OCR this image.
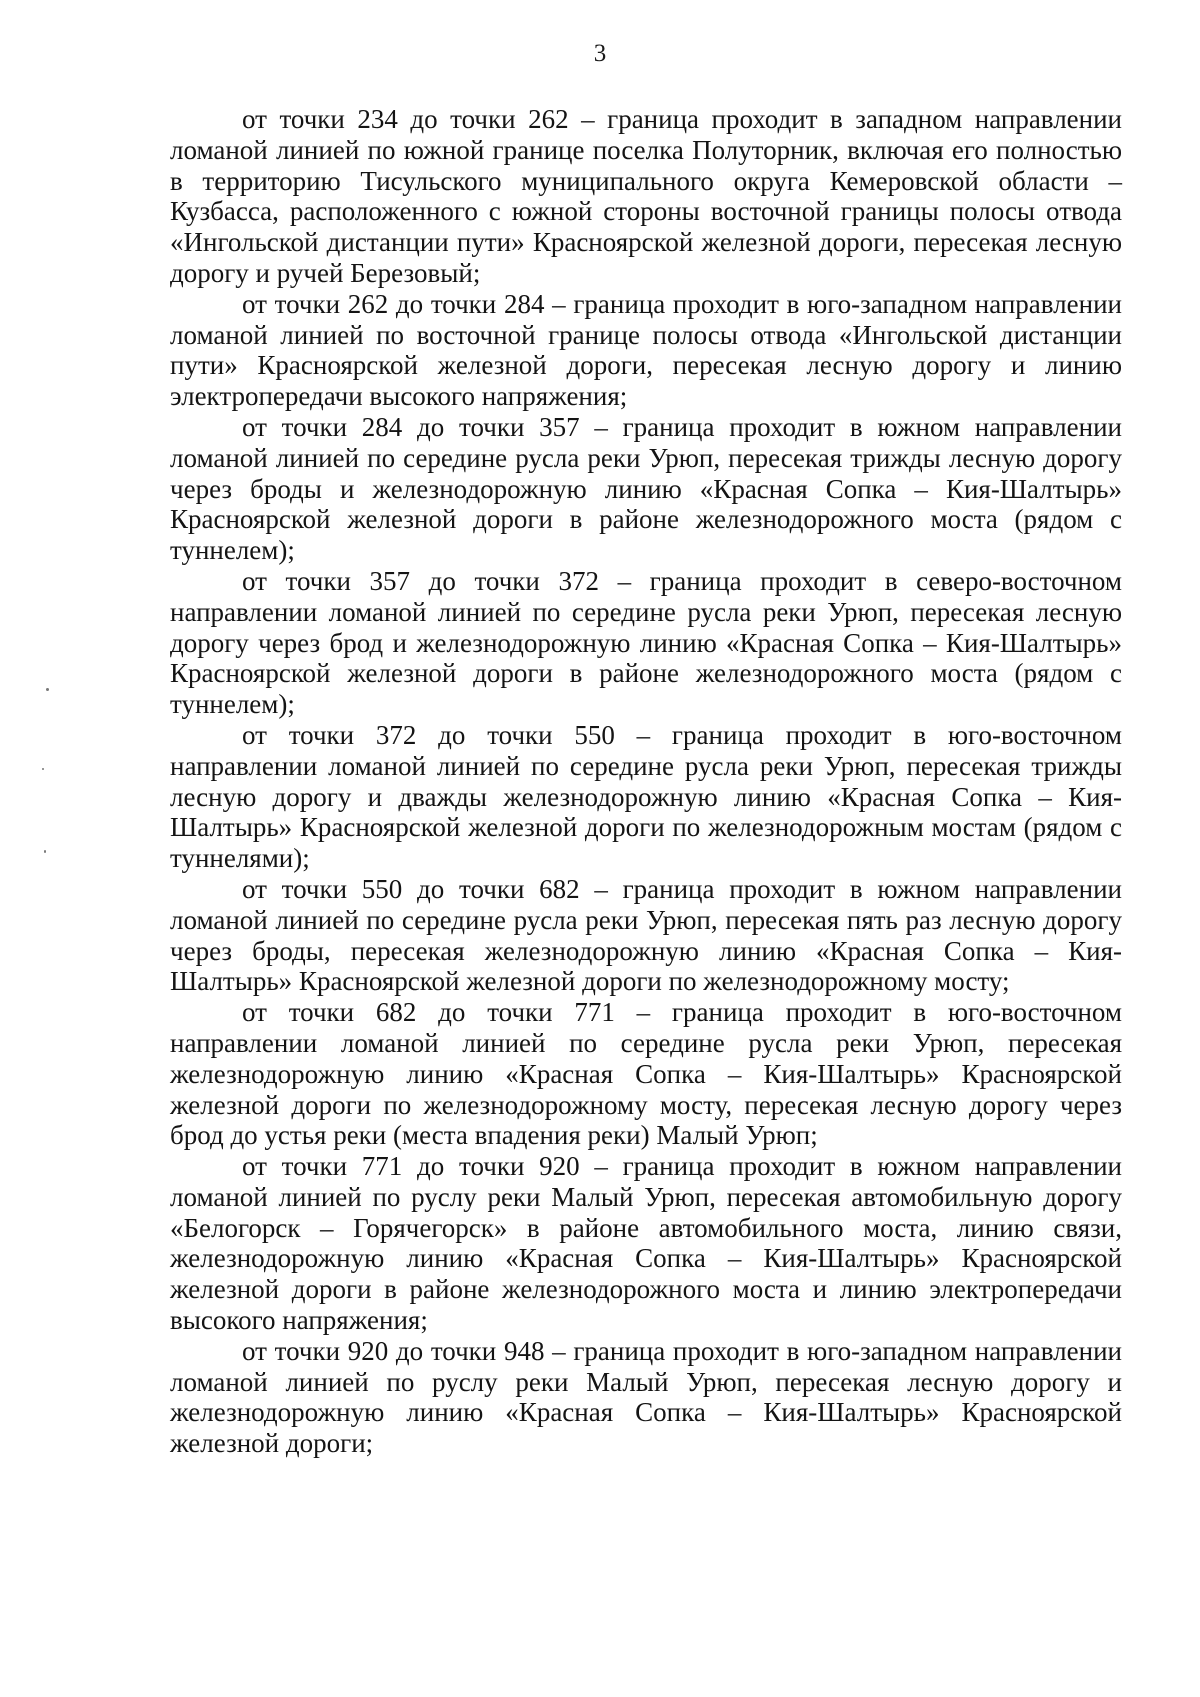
3

от точки 234 до точки 262 – граница проходит в западном направлении ломаной линией по южной границе поселка Полуторник, включая его полностью в территорию Тисульского муниципального округа Кемеровской области – Кузбасса, расположенного с южной стороны восточной границы полосы отвода «Ингольской дистанции пути» Красноярской железной дороги, пересекая лесную дорогу и ручей Березовый;

от точки 262 до точки 284 – граница проходит в юго-западном направлении ломаной линией по восточной границе полосы отвода «Ингольской дистанции пути» Красноярской железной дороги, пересекая лесную дорогу и линию электропередачи высокого напряжения;

от точки 284 до точки 357 – граница проходит в южном направлении ломаной линией по середине русла реки Урюп, пересекая трижды лесную дорогу через броды и железнодорожную линию «Красная Сопка – Кия-Шалтырь» Красноярской железной дороги в районе железнодорожного моста (рядом с туннелем);

от точки 357 до точки 372 – граница проходит в северо-восточном направлении ломаной линией по середине русла реки Урюп, пересекая лесную дорогу через брод и железнодорожную линию «Красная Сопка – Кия-Шалтырь» Красноярской железной дороги в районе железнодорожного моста (рядом с туннелем);

от точки 372 до точки 550 – граница проходит в юго-восточном направлении ломаной линией по середине русла реки Урюп, пересекая трижды лесную дорогу и дважды железнодорожную линию «Красная Сопка – Кия-Шалтырь» Красноярской железной дороги по железнодорожным мостам (рядом с туннелями);

от точки 550 до точки 682 – граница проходит в южном направлении ломаной линией по середине русла реки Урюп, пересекая пять раз лесную дорогу через броды, пересекая железнодорожную линию «Красная Сопка – Кия-Шалтырь» Красноярской железной дороги по железнодорожному мосту;

от точки 682 до точки 771 – граница проходит в юго-восточном направлении ломаной линией по середине русла реки Урюп, пересекая железнодорожную линию «Красная Сопка – Кия-Шалтырь» Красноярской железной дороги по железнодорожному мосту, пересекая лесную дорогу через брод до устья реки (места впадения реки) Малый Урюп;

от точки 771 до точки 920 – граница проходит в южном направлении ломаной линией по руслу реки Малый Урюп, пересекая автомобильную дорогу «Белогорск – Горячегорск» в районе автомобильного моста, линию связи, железнодорожную линию «Красная Сопка – Кия-Шалтырь» Красноярской железной дороги в районе железнодорожного моста и линию электропередачи высокого напряжения;

от точки 920 до точки 948 – граница проходит в юго-западном направлении ломаной линией по руслу реки Малый Урюп, пересекая лесную дорогу и железнодорожную линию «Красная Сопка – Кия-Шалтырь» Красноярской железной дороги;
